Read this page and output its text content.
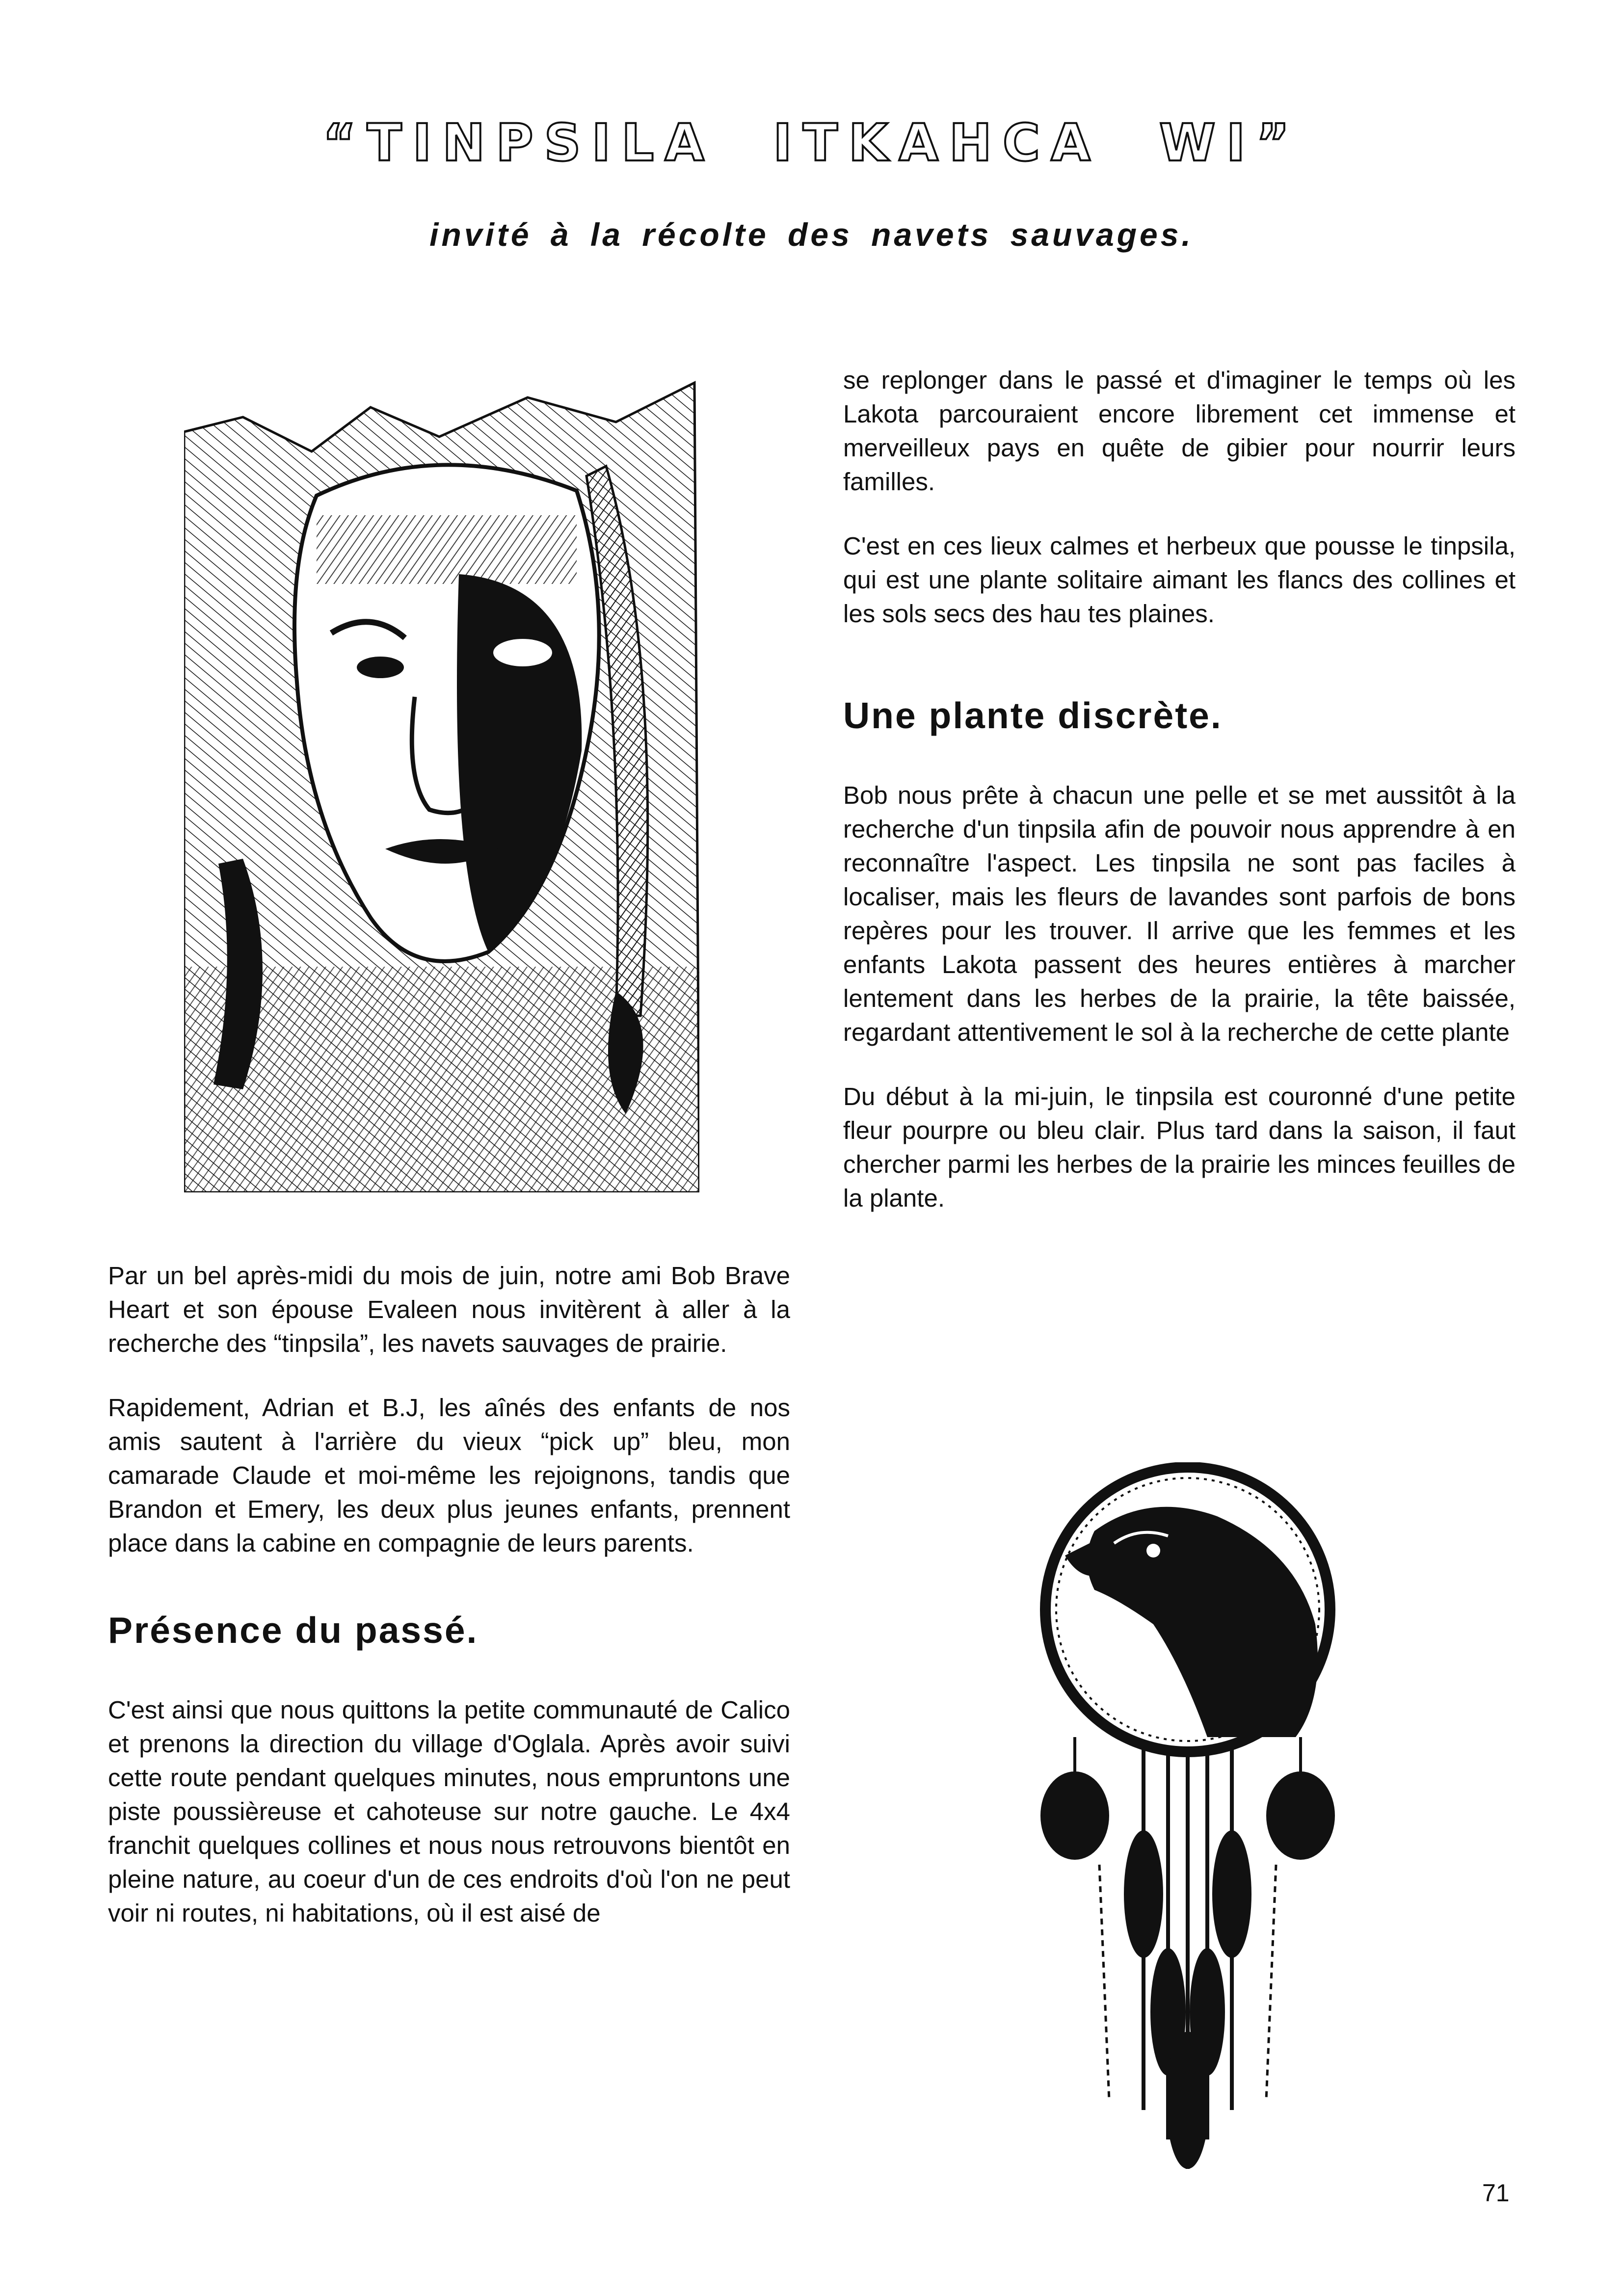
“TINPSILA ITKAHCA WI”
invité à la récolte des navets sauvages.

se replonger dans le passé et d'imaginer le temps où les Lakota parcouraient encore librement cet immense et merveilleux pays en quête de gibier pour nourrir leurs familles.

C'est en ces lieux calmes et herbeux que pousse le tinpsila, qui est une plante solitaire aimant les flancs des collines et les sols secs des hau tes plaines.

Une plante discrète.

Bob nous prête à chacun une pelle et se met aussitôt à la recherche d'un tinpsila afin de pouvoir nous apprendre à en reconnaître l'aspect. Les tinpsila ne sont pas faciles à localiser, mais les fleurs de lavandes sont parfois de bons repères pour les trouver. Il arrive que les femmes et les enfants Lakota passent des heures entières à marcher lentement dans les herbes de la prairie, la tête baissée, regardant attentivement le sol à la recherche de cette plante

Du début à la mi-juin, le tinpsila est couronné d'une petite fleur pourpre ou bleu clair. Plus tard dans la saison, il faut chercher parmi les herbes de la prairie les minces feuilles de la plante.

Par un bel après-midi du mois de juin, notre ami Bob Brave Heart et son épouse Evaleen nous invitèrent à aller à la recherche des “tinpsila”, les navets sauvages de prairie.

Rapidement, Adrian et B.J, les aînés des enfants de nos amis sautent à l'arrière du vieux “pick up” bleu, mon camarade Claude et moi-même les rejoignons, tandis que Brandon et Emery, les deux plus jeunes enfants, prennent place dans la cabine en compagnie de leurs parents.

Présence du passé.

C'est ainsi que nous quittons la petite communauté de Calico et prenons la direction du village d'Oglala. Après avoir suivi cette route pendant quelques minutes, nous empruntons une piste poussièreuse et cahoteuse sur notre gauche. Le 4x4 franchit quelques collines et nous nous retrouvons bientôt en pleine nature, au coeur d'un de ces endroits d'où l'on ne peut voir ni routes, ni habitations, où il est aisé de

71
